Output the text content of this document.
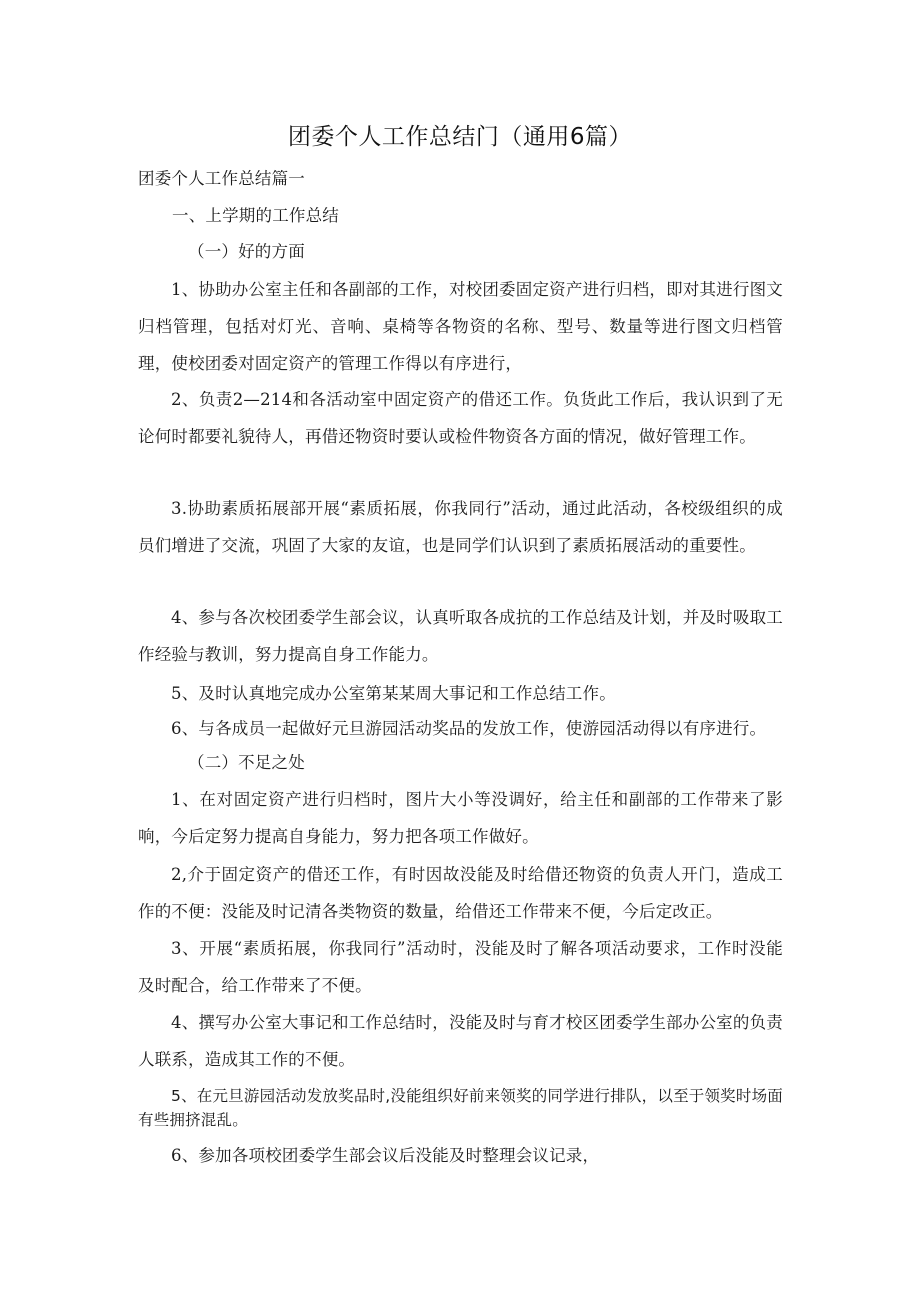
团委个人工作总结门（通用6篇）
团委个人工作总结篇一
一、上学期的工作总结
（一）好的方面
1、协助办公室主任和各副部的工作，对校团委固定资产进行归档，即对其进行图文归档管理，包括对灯光、音响、桌椅等各物资的名称、型号、数量等进行图文归档管理，使校团委对固定资产的管理工作得以有序进行，
2、负责2—214和各活动室中固定资产的借还工作。负货此工作后，我认识到了无论何时都要礼貌待人，再借还物资时要认或检件物资各方面的情况，做好管理工作。
3.协助素质拓展部开展“素质拓展，你我同行”活动，通过此活动，各校级组织的成员们增进了交流，巩固了大家的友谊，也是同学们认识到了素质拓展活动的重要性。
4、参与各次校团委学生部会议，认真听取各成抗的工作总结及计划，并及时吸取工作经验与教训，努力提高自身工作能力。
5、及时认真地完成办公室第某某周大事记和工作总结工作。
6、与各成员一起做好元旦游园活动奖品的发放工作，使游园活动得以有序进行。
（二）不足之处
1、在对固定资产进行归档时，图片大小等没调好，给主任和副部的工作带来了影响，今后定努力提高自身能力，努力把各项工作做好。
2,介于固定资产的借还工作，有时因故没能及时给借还物资的负责人开门，造成工作的不便：没能及时记清各类物资的数量，给借还工作带来不便，今后定改正。
3、开展“素质拓展，你我同行”活动时，没能及时了解各项活动要求，工作时没能及时配合，给工作带来了不便。
4、撰写办公室大事记和工作总结时，没能及时与育才校区团委学生部办公室的负责人联系，造成其工作的不便。
5、在元旦游园活动发放奖品时,没能组织好前来领奖的同学进行排队，以至于领奖时场面有些拥挤混乱。
6、参加各项校团委学生部会议后没能及时整理会议记录，
